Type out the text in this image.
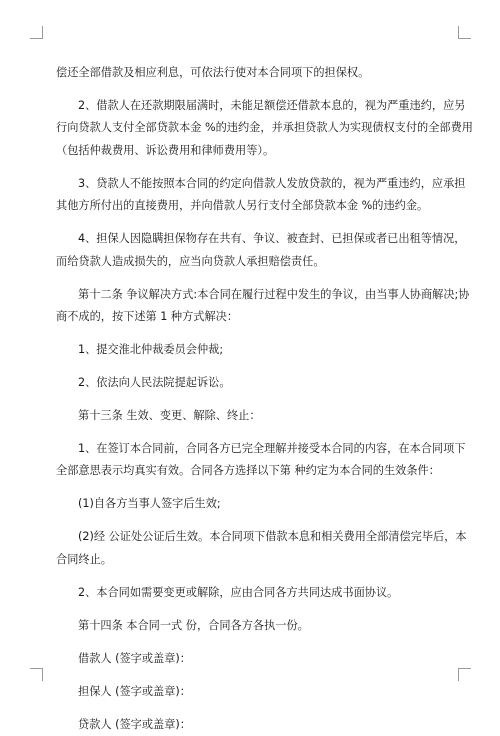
偿还全部借款及相应利息，可依法行使对本合同项下的担保权。
2、借款人在还款期限届满时，未能足额偿还借款本息的，视为严重违约，应另
行向贷款人支付全部贷款本金 %的违约金，并承担贷款人为实现债权支付的全部费用
（包括仲裁费用、诉讼费用和律师费用等）。
3、贷款人不能按照本合同的约定向借款人发放贷款的，视为严重违约，应承担
其他方所付出的直接费用，并向借款人另行支付全部贷款本金 %的违约金。
4、担保人因隐瞒担保物存在共有、争议、被查封、已担保或者已出租等情况，
而给贷款人造成损失的，应当向贷款人承担赔偿责任。
第十二条 争议解决方式:本合同在履行过程中发生的争议，由当事人协商解决;协
商不成的，按下述第 1 种方式解决：
1、提交淮北仲裁委员会仲裁;
2、依法向人民法院提起诉讼。
第十三条 生效、变更、解除、终止：
1、在签订本合同前，合同各方已完全理解并接受本合同的内容，在本合同项下
全部意思表示均真实有效。合同各方选择以下第 种约定为本合同的生效条件：
(1)自各方当事人签字后生效;
(2)经 公证处公证后生效。本合同项下借款本息和相关费用全部清偿完毕后，本
合同终止。
2、本合同如需要变更或解除，应由合同各方共同达成书面协议。
第十四条 本合同一式 份，合同各方各执一份。
借款人 (签字或盖章)：
担保人 (签字或盖章)：
贷款人 (签字或盖章)：
